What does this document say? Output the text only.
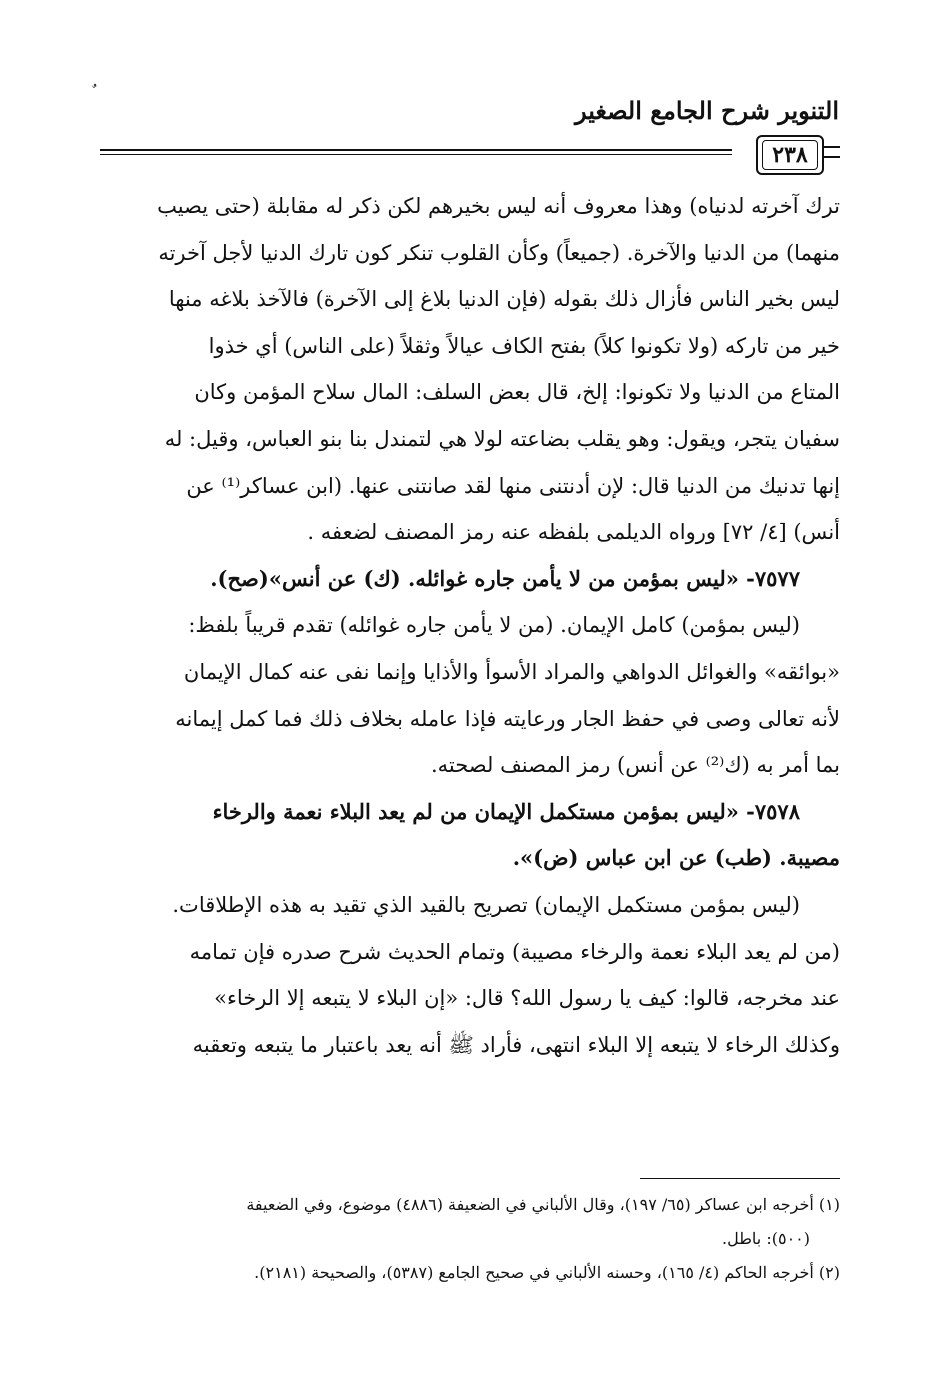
التنوير شرح الجامع الصغير
٢٣٨
ترك آخرته لدنياه) وهذا معروف أنه ليس بخيرهم لكن ذكر له مقابلة (حتى يصيب
منهما) من الدنيا والآخرة. (جميعاً) وكأن القلوب تنكر كون تارك الدنيا لأجل آخرته
ليس بخير الناس فأزال ذلك بقوله (فإن الدنيا بلاغ إلى الآخرة) فالآخذ بلاغه منها
خير من تاركه (ولا تكونوا كلاً) بفتح الكاف عيالاً وثقلاً (على الناس) أي خذوا
المتاع من الدنيا ولا تكونوا: إلخ، قال بعض السلف: المال سلاح المؤمن وكان
سفيان يتجر، ويقول: وهو يقلب بضاعته لولا هي لتمندل بنا بنو العباس، وقيل: له
إنها تدنيك من الدنيا قال: لإن أدنتنى منها لقد صانتنى عنها. (ابن عساكر⁽¹⁾ عن
أنس) [٤/ ٧٢] ورواه الديلمى بلفظه عنه رمز المصنف لضعفه .
٧٥٧٧- «ليس بمؤمن من لا يأمن جاره غوائله. (ك) عن أنس»(صح).
(ليس بمؤمن) كامل الإيمان. (من لا يأمن جاره غوائله) تقدم قريباً بلفظ:
«بوائقه» والغوائل الدواهي والمراد الأسوأ والأذايا وإنما نفى عنه كمال الإيمان
لأنه تعالى وصى في حفظ الجار ورعايته فإذا عامله بخلاف ذلك فما كمل إيمانه
بما أمر به (ك⁽²⁾ عن أنس) رمز المصنف لصحته.
٧٥٧٨- «ليس بمؤمن مستكمل الإيمان من لم يعد البلاء نعمة والرخاء
مصيبة. (طب) عن ابن عباس (ض)».
(ليس بمؤمن مستكمل الإيمان) تصريح بالقيد الذي تقيد به هذه الإطلاقات.
(من لم يعد البلاء نعمة والرخاء مصيبة) وتمام الحديث شرح صدره فإن تمامه
عند مخرجه، قالوا: كيف يا رسول الله؟ قال: «إن البلاء لا يتبعه إلا الرخاء»
وكذلك الرخاء لا يتبعه إلا البلاء انتهى، فأراد ﷺ أنه يعد باعتبار ما يتبعه وتعقبه
(١) أخرجه ابن عساكر (٦٥/ ١٩٧)، وقال الألباني في الضعيفة (٤٨٨٦) موضوع، وفي الضعيفة
(٥٠٠): باطل.
(٢) أخرجه الحاكم (٤/ ١٦٥)، وحسنه الألباني في صحيح الجامع (٥٣٨٧)، والصحيحة (٢١٨١).
